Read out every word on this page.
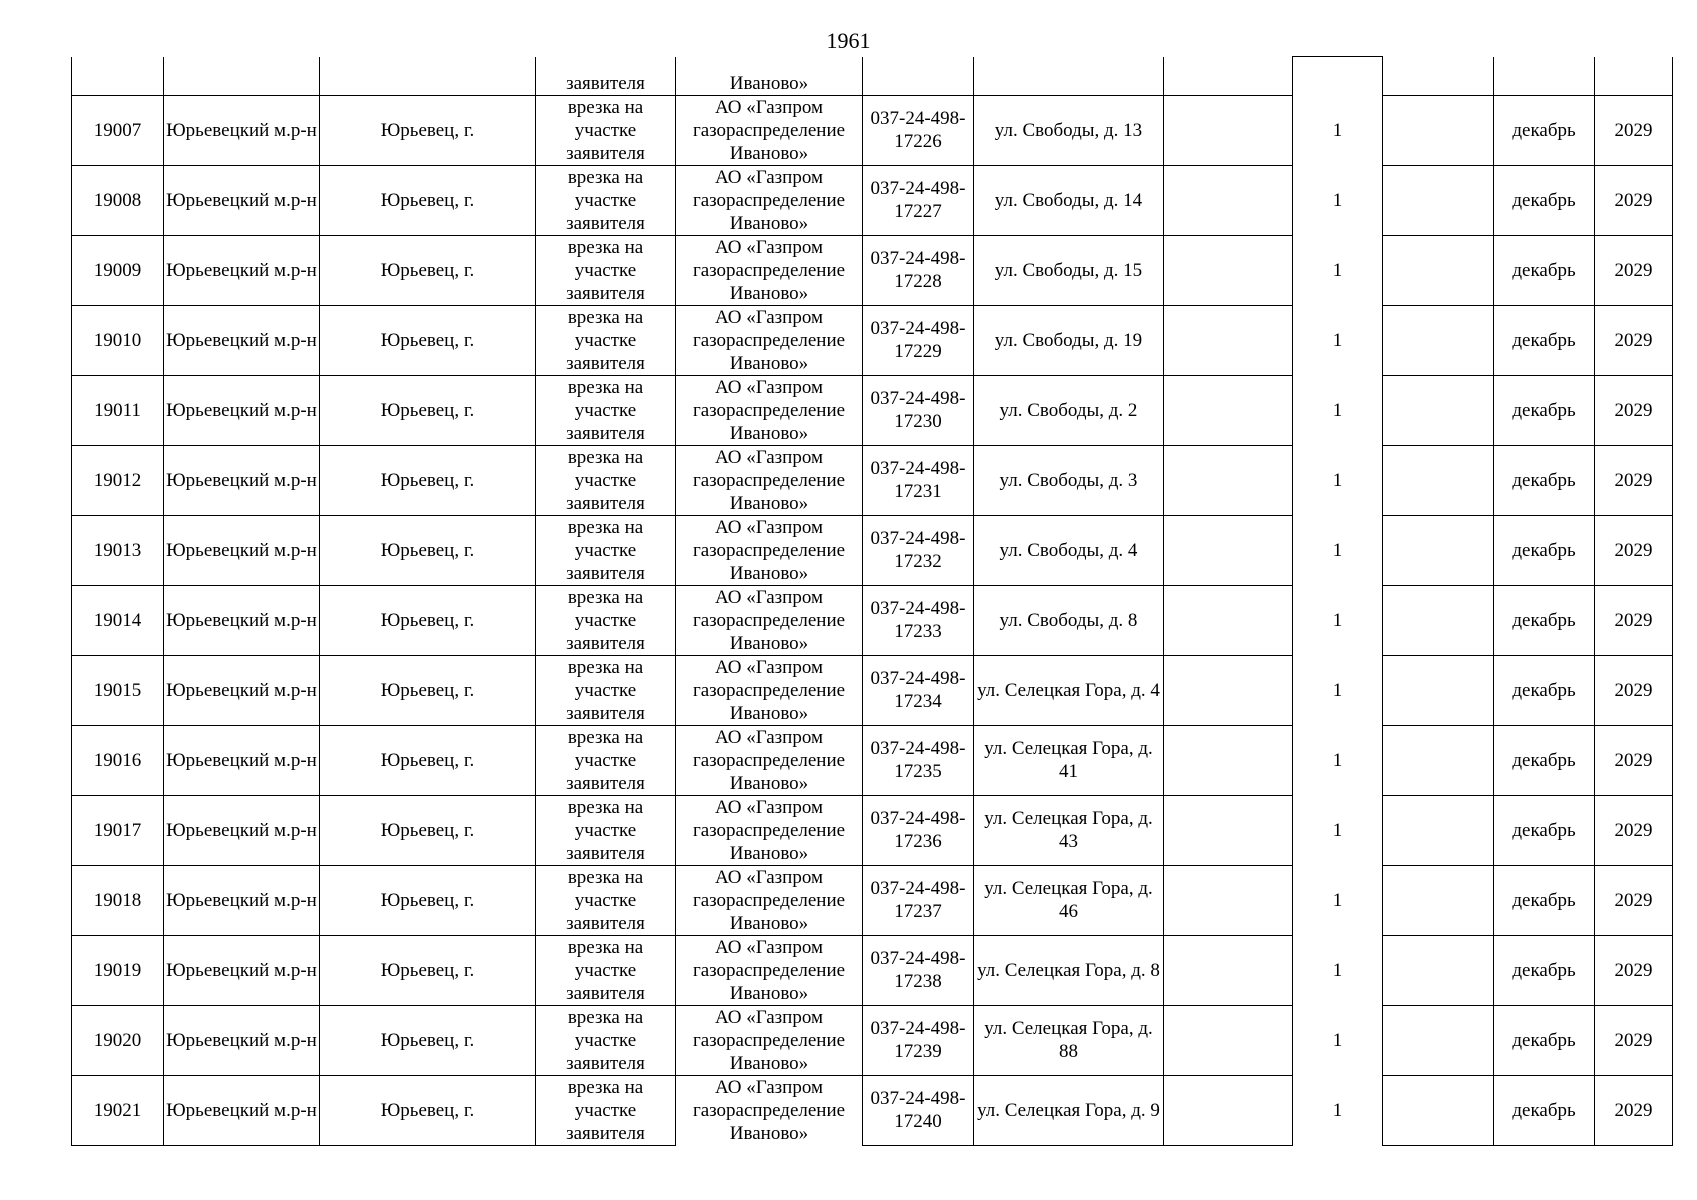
1961
			заявителя	Иваново»							
19007	Юрьевецкий м.р-н	Юрьевец, г.	врезка на участке заявителя	АО «Газпром газораспределение Иваново»	037-24-498-17226	ул. Свободы, д. 13		1		декабрь	2029
19008	Юрьевецкий м.р-н	Юрьевец, г.	врезка на участке заявителя	АО «Газпром газораспределение Иваново»	037-24-498-17227	ул. Свободы, д. 14		1		декабрь	2029
19009	Юрьевецкий м.р-н	Юрьевец, г.	врезка на участке заявителя	АО «Газпром газораспределение Иваново»	037-24-498-17228	ул. Свободы, д. 15		1		декабрь	2029
19010	Юрьевецкий м.р-н	Юрьевец, г.	врезка на участке заявителя	АО «Газпром газораспределение Иваново»	037-24-498-17229	ул. Свободы, д. 19		1		декабрь	2029
19011	Юрьевецкий м.р-н	Юрьевец, г.	врезка на участке заявителя	АО «Газпром газораспределение Иваново»	037-24-498-17230	ул. Свободы, д. 2		1		декабрь	2029
19012	Юрьевецкий м.р-н	Юрьевец, г.	врезка на участке заявителя	АО «Газпром газораспределение Иваново»	037-24-498-17231	ул. Свободы, д. 3		1		декабрь	2029
19013	Юрьевецкий м.р-н	Юрьевец, г.	врезка на участке заявителя	АО «Газпром газораспределение Иваново»	037-24-498-17232	ул. Свободы, д. 4		1		декабрь	2029
19014	Юрьевецкий м.р-н	Юрьевец, г.	врезка на участке заявителя	АО «Газпром газораспределение Иваново»	037-24-498-17233	ул. Свободы, д. 8		1		декабрь	2029
19015	Юрьевецкий м.р-н	Юрьевец, г.	врезка на участке заявителя	АО «Газпром газораспределение Иваново»	037-24-498-17234	ул. Селецкая Гора, д. 4		1		декабрь	2029
19016	Юрьевецкий м.р-н	Юрьевец, г.	врезка на участке заявителя	АО «Газпром газораспределение Иваново»	037-24-498-17235	ул. Селецкая Гора, д. 41		1		декабрь	2029
19017	Юрьевецкий м.р-н	Юрьевец, г.	врезка на участке заявителя	АО «Газпром газораспределение Иваново»	037-24-498-17236	ул. Селецкая Гора, д. 43		1		декабрь	2029
19018	Юрьевецкий м.р-н	Юрьевец, г.	врезка на участке заявителя	АО «Газпром газораспределение Иваново»	037-24-498-17237	ул. Селецкая Гора, д. 46		1		декабрь	2029
19019	Юрьевецкий м.р-н	Юрьевец, г.	врезка на участке заявителя	АО «Газпром газораспределение Иваново»	037-24-498-17238	ул. Селецкая Гора, д. 8		1		декабрь	2029
19020	Юрьевецкий м.р-н	Юрьевец, г.	врезка на участке заявителя	АО «Газпром газораспределение Иваново»	037-24-498-17239	ул. Селецкая Гора, д. 88		1		декабрь	2029
19021	Юрьевецкий м.р-н	Юрьевец, г.	врезка на участке заявителя	АО «Газпром газораспределение Иваново»	037-24-498-17240	ул. Селецкая Гора, д. 9		1		декабрь	2029
